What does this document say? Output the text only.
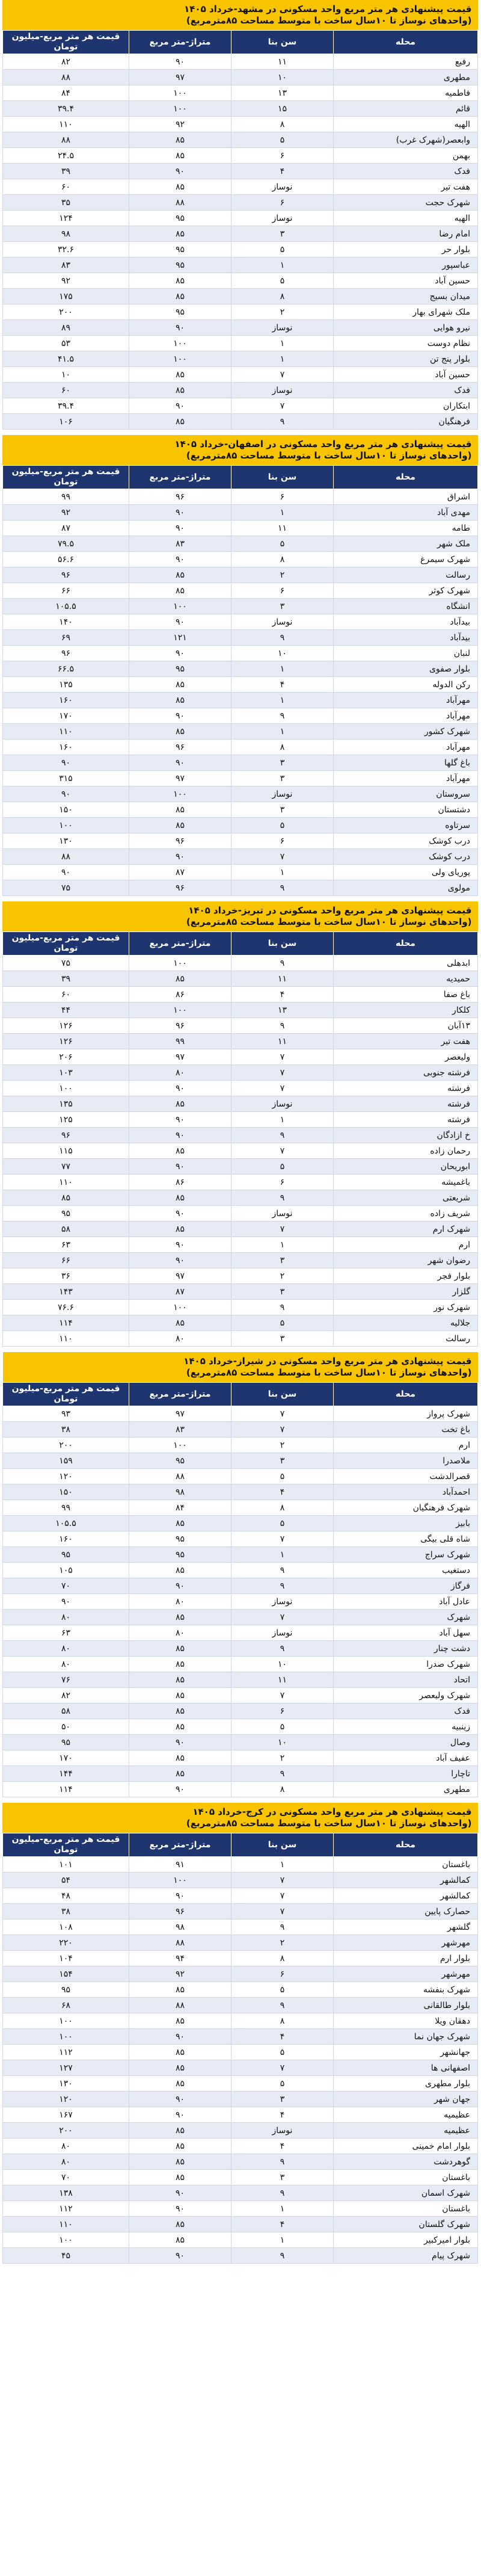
قیمت پیشنهادی هر متر مربع واحد مسکونی در مشهد-خرداد ۱۴۰۵
(واحدهای نوساز تا ۱۰سال ساخت با متوسط مساحت ۸۵مترمربع)			

محله	سن بنا	متراژ-متر مربع	قیمت هر متر مربع-میلیون تومان
رفیع	۱۱	۹۰	۸۲
مطهری	۱۰	۹۷	۸۸
فاطمیه	۱۳	۱۰۰	۸۴
قائم	۱۵	۱۰۰	۳۹.۴
الهیه	۸	۹۲	۱۱۰
وابعصر(شهرک غرب)	۵	۸۵	۸۸
بهمن	۶	۸۵	۲۴.۵
فدک	۴	۹۰	۳۹
هفت تیر	نوساز	۸۵	۶۰
شهرک حجت	۶	۸۸	۳۵
الهیه	نوساز	۹۵	۱۲۴
امام رضا	۳	۸۵	۹۸
بلوار حر	۵	۹۵	۳۲.۶
عباسپور	۱	۹۵	۸۳
حسین آباد	۵	۸۵	۹۲
میدان بسیج	۸	۸۵	۱۷۵
ملک شهرای بهار	۲	۹۵	۲۰۰
نیرو هوایی	نوساز	۹۰	۸۹
نظام دوست	۱	۱۰۰	۵۳
بلوار پنج تن	۱	۱۰۰	۴۱.۵
حسین آباد	۷	۸۵	۱۰
فدک	نوساز	۸۵	۶۰
ابتکاران	۷	۹۰	۳۹.۴
فرهنگیان	۹	۸۵	۱۰۶
قیمت پیشنهادی هر متر مربع واحد مسکونی در اصفهان-خرداد ۱۴۰۵
(واحدهای نوساز تا ۱۰سال ساخت با متوسط مساحت ۸۵مترمربع)			

محله	سن بنا	متراژ-متر مربع	قیمت هر متر مربع-میلیون تومان
اشراق	۶	۹۶	۹۹
مهدی آباد	۱	۹۰	۹۲
طامه	۱۱	۹۰	۸۷
ملک شهر	۵	۸۳	۷۹.۵
شهرک سیمرغ	۸	۹۰	۵۶.۶
رسالت	۲	۸۵	۹۶
شهرک کوثر	۶	۸۵	۶۶
انشگاه	۳	۱۰۰	۱۰۵.۵
بیدآباد	نوساز	۹۰	۱۴۰
بیدآباد	۹	۱۲۱	۶۹
لنبان	۱۰	۹۰	۹۶
بلوار صفوی	۱	۹۵	۶۶.۵
رکن الدوله	۴	۸۵	۱۳۵
مهرآباد	۱	۸۵	۱۶۰
مهرآباد	۹	۹۰	۱۷۰
شهرک کشور	۱	۸۵	۱۱۰
مهرآباد	۸	۹۶	۱۶۰
باغ گلها	۳	۹۰	۹۰
مهرآباد	۳	۹۷	۳۱۵
سروستان	نوساز	۱۰۰	۹۰
دشتستان	۳	۸۵	۱۵۰
سرتاوه	۵	۸۵	۱۰۰
درب کوشک	۶	۹۶	۱۳۰
درب کوشک	۷	۹۰	۸۸
پوریای ولی	۱	۸۷	۹۰
مولوی	۹	۹۶	۷۵
قیمت پیشنهادی هر متر مربع واحد مسکونی در تبریز-خرداد ۱۴۰۵
(واحدهای نوساز تا ۱۰سال ساخت با متوسط مساحت ۸۵مترمربع)			

محله	سن بنا	متراژ-متر مربع	قیمت هر متر مربع-میلیون تومان
ابدهلی	۹	۱۰۰	۷۵
حمیدیه	۱۱	۸۵	۳۹
باغ صفا	۴	۸۶	۶۰
کلکار	۱۳	۱۰۰	۴۴
۱۳آبان	۹	۹۶	۱۲۶
هفت تیر	۱۱	۹۹	۱۲۶
ولیعصر	۷	۹۷	۲۰۶
فرشته جنوبی	۷	۸۰	۱۰۳
فرشته	۷	۹۰	۱۰۰
فرشته	نوساز	۸۵	۱۳۵
فرشته	۱	۹۰	۱۲۵
خ ازادگان	۹	۹۰	۹۶
رحمان زاده	۷	۸۵	۱۱۵
ابوریحان	۵	۹۰	۷۷
باغمیشه	۶	۸۶	۱۱۰
شریعتی	۹	۸۵	۸۵
شریف زاده	نوساز	۹۰	۹۵
شهرک ارم	۷	۸۵	۵۸
ارم	۱	۹۰	۶۳
رضوان شهر	۳	۹۰	۶۶
بلوار فجر	۲	۹۷	۳۶
گلزار	۳	۸۷	۱۴۳
شهرک نور	۹	۱۰۰	۷۶.۶
جلالیه	۵	۸۵	۱۱۴
رسالت	۳	۸۰	۱۱۰
قیمت پیشنهادی هر متر مربع واحد مسکونی در شیراز-خرداد ۱۴۰۵
(واحدهای نوساز تا ۱۰سال ساخت با متوسط مساحت ۸۵مترمربع)			

محله	سن بنا	متراژ-متر مربع	قیمت هر متر مربع-میلیون تومان
شهرک پرواز	۷	۹۷	۹۳
باغ تخت	۷	۸۳	۳۸
ارم	۲	۱۰۰	۲۰۰
ملاصدرا	۳	۹۵	۱۵۹
قصرالدشت	۵	۸۸	۱۲۰
احمدآباد	۴	۹۸	۱۵۰
شهرک فرهنگیان	۸	۸۴	۹۹
بابیز	۵	۸۵	۱۰۵.۵
شاه قلی بیگی	۷	۹۵	۱۶۰
شهرک سراج	۱	۹۵	۹۵
دستغیب	۹	۸۵	۱۰۵
فرگاز	۹	۹۰	۷۰
عادل آباد	نوساز	۸۰	۹۰
شهرک	۷	۸۵	۸۰
سهل آباد	نوساز	۸۰	۶۳
دشت چنار	۹	۸۵	۸۰
شهرک صدرا	۱۰	۸۵	۸۰
اتحاد	۱۱	۸۵	۷۶
شهرک ولیعصر	۷	۸۵	۸۲
فدک	۶	۸۵	۵۸
زینبیه	۵	۸۵	۵۰
وصال	۱۰	۹۰	۹۵
عفیف آباد	۲	۸۵	۱۷۰
تاچارا	۹	۸۵	۱۴۴
مطهری	۸	۹۰	۱۱۴
قیمت پیشنهادی هر متر مربع واحد مسکونی در کرج-خرداد ۱۴۰۵
(واحدهای نوساز تا ۱۰سال ساخت با متوسط مساحت ۸۵مترمربع)			

محله	سن بنا	متراژ-متر مربع	قیمت هر متر مربع-میلیون تومان
باغستان	۱	۹۱	۱۰۱
کمالشهر	۷	۱۰۰	۵۴
کمالشهر	۷	۹۰	۴۸
حصارک پایین	۷	۹۶	۳۸
گلشهر	۹	۹۸	۱۰۸
مهرشهر	۲	۸۸	۲۲۰
بلوار ارم	۸	۹۴	۱۰۴
مهرشهر	۶	۹۲	۱۵۴
شهرک بنفشه	۵	۸۵	۹۵
بلوار طالقانی	۹	۸۸	۶۸
دهقان ویلا	۸	۸۵	۱۰۰
شهرک جهان نما	۴	۹۰	۱۰۰
جهانشهر	۵	۸۵	۱۱۲
اصفهانی ها	۷	۸۵	۱۲۷
بلوار مطهری	۵	۸۵	۱۳۰
جهان شهر	۳	۹۰	۱۲۰
عظیمیه	۴	۹۰	۱۶۷
عظیمیه	نوساز	۸۵	۲۰۰
بلوار امام خمینی	۴	۸۵	۸۰
گوهردشت	۹	۸۵	۸۰
باغستان	۳	۸۵	۷۰
شهرک اسمان	۹	۹۰	۱۳۸
باغستان	۱	۹۰	۱۱۲
شهرک گلستان	۴	۸۵	۱۱۰
بلوار امیرکبیر	۱	۸۵	۱۰۰
شهرک پیام	۹	۹۰	۴۵
